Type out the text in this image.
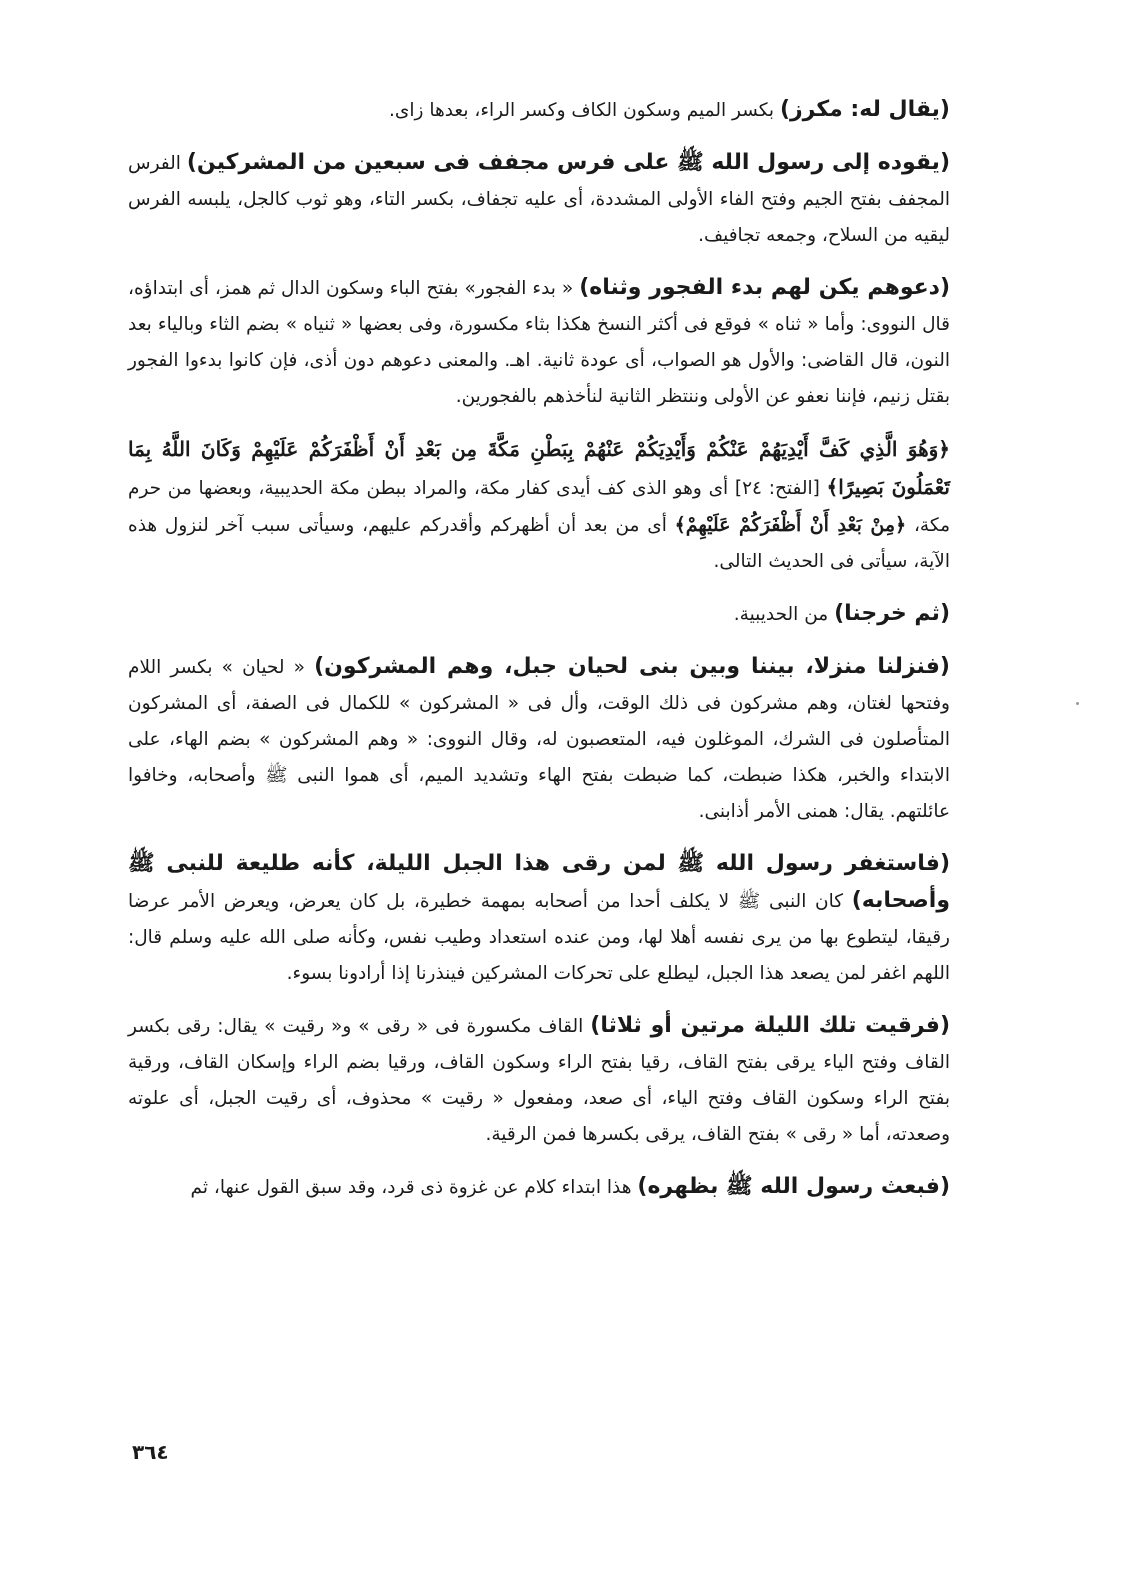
(يقال له: مكرز) بكسر الميم وسكون الكاف وكسر الراء، بعدها زاى.

(يقوده إلى رسول الله ﷺ على فرس مجفف فى سبعين من المشركين) الفرس المجفف بفتح الجيم وفتح الفاء الأولى المشددة، أى عليه تجفاف، بكسر التاء، وهو ثوب كالجل، يلبسه الفرس ليقيه من السلاح، وجمعه تجافيف.

(دعوهم يكن لهم بدء الفجور وثناه) « بدء الفجور» بفتح الباء وسكون الدال ثم همز، أى ابتداؤه، قال النووى: وأما « ثناه » فوقع فى أكثر النسخ هكذا بثاء مكسورة، وفى بعضها « ثنياه » بضم الثاء وبالياء بعد النون، قال القاضى: والأول هو الصواب، أى عودة ثانية. اهـ. والمعنى دعوهم دون أذى، فإن كانوا بدءوا الفجور بقتل زنيم، فإننا نعفو عن الأولى وننتظر الثانية لنأخذهم بالفجورين.

﴿وَهُوَ الَّذِي كَفَّ أَيْدِيَهُمْ عَنْكُمْ وَأَيْدِيَكُمْ عَنْهُمْ بِبَطْنِ مَكَّةَ مِن بَعْدِ أَنْ أَظْفَرَكُمْ عَلَيْهِمْ وَكَانَ اللَّهُ بِمَا تَعْمَلُونَ بَصِيرًا﴾ [الفتح: ٢٤] أى وهو الذى كف أيدى كفار مكة، والمراد ببطن مكة الحديبية، وبعضها من حرم مكة، ﴿مِنْ بَعْدِ أَنْ أَظْفَرَكُمْ عَلَيْهِمْ﴾ أى من بعد أن أظهركم وأقدركم عليهم، وسيأتى سبب آخر لنزول هذه الآية، سيأتى فى الحديث التالى.

(ثم خرجنا) من الحديبية.

(فنزلنا منزلا، بيننا وبين بنى لحيان جبل، وهم المشركون) « لحيان » بكسر اللام وفتحها لغتان، وهم مشركون فى ذلك الوقت، وأل فى « المشركون » للكمال فى الصفة، أى المشركون المتأصلون فى الشرك، الموغلون فيه، المتعصبون له، وقال النووى: « وهم المشركون » بضم الهاء، على الابتداء والخبر، هكذا ضبطت، كما ضبطت بفتح الهاء وتشديد الميم، أى هموا النبى ﷺ وأصحابه، وخافوا عائلتهم. يقال: همنى الأمر أذابنى.

(فاستغفر رسول الله ﷺ لمن رقى هذا الجبل الليلة، كأنه طليعة للنبى ﷺ وأصحابه) كان النبى ﷺ لا يكلف أحدا من أصحابه بمهمة خطيرة، بل كان يعرض، ويعرض الأمر عرضا رقيقا، ليتطوع بها من يرى نفسه أهلا لها، ومن عنده استعداد وطيب نفس، وكأنه صلى الله عليه وسلم قال: اللهم اغفر لمن يصعد هذا الجبل، ليطلع على تحركات المشركين فينذرنا إذا أرادونا بسوء.

(فرقيت تلك الليلة مرتين أو ثلاثا) القاف مكسورة فى « رقى » و« رقيت » يقال: رقى بكسر القاف وفتح الياء يرقى بفتح القاف، رقيا بفتح الراء وسكون القاف، ورقيا بضم الراء وإسكان القاف، ورقية بفتح الراء وسكون القاف وفتح الياء، أى صعد، ومفعول « رقيت » محذوف، أى رقيت الجبل، أى علوته وصعدته، أما « رقى » بفتح القاف، يرقى بكسرها فمن الرقية.

(فبعث رسول الله ﷺ بظهره) هذا ابتداء كلام عن غزوة ذى قرد، وقد سبق القول عنها، ثم

٣٦٤
